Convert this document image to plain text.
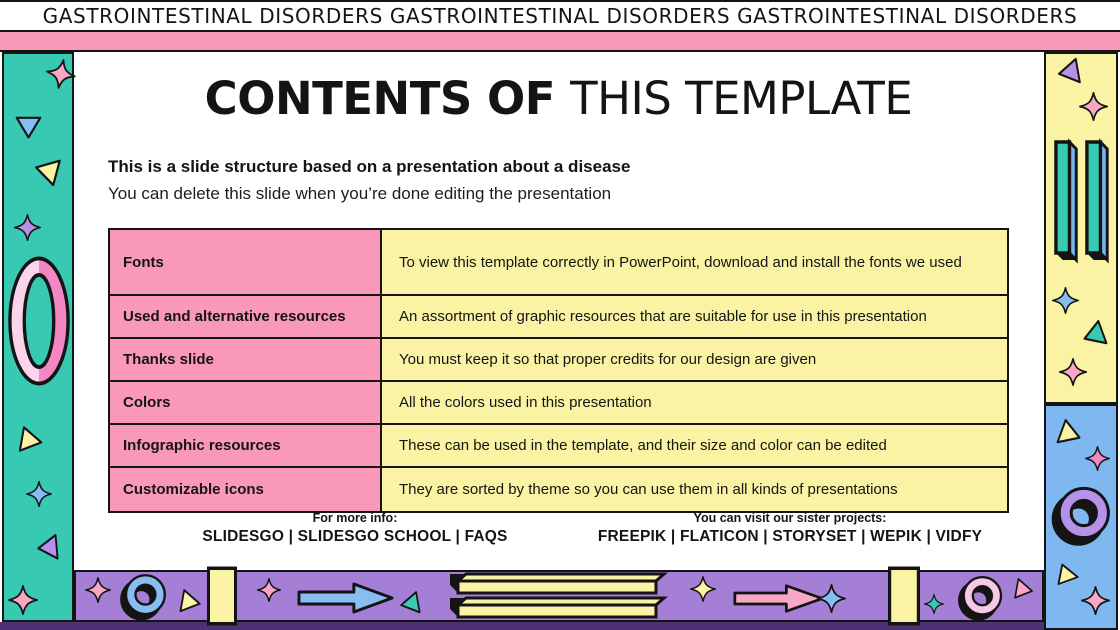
GASTROINTESTINAL DISORDERS GASTROINTESTINAL DISORDERS GASTROINTESTINAL DISORDERS
CONTENTS OF THIS TEMPLATE
This is a slide structure based on a presentation about a disease
You can delete this slide when you’re done editing the presentation
Fonts	To view this template correctly in PowerPoint, download and install the fonts we used
Used and alternative resources	An assortment of graphic resources that are suitable for use in this presentation
Thanks slide	You must keep it so that proper credits for our design are given
Colors	All the colors used in this presentation
Infographic resources	These can be used in the template, and their size and color can be edited
Customizable icons	They are sorted by theme so you can use them in all kinds of presentations
For more info:
SLIDESGO | SLIDESGO SCHOOL | FAQS
You can visit our sister projects:
FREEPIK | FLATICON | STORYSET | WEPIK | VIDFY
